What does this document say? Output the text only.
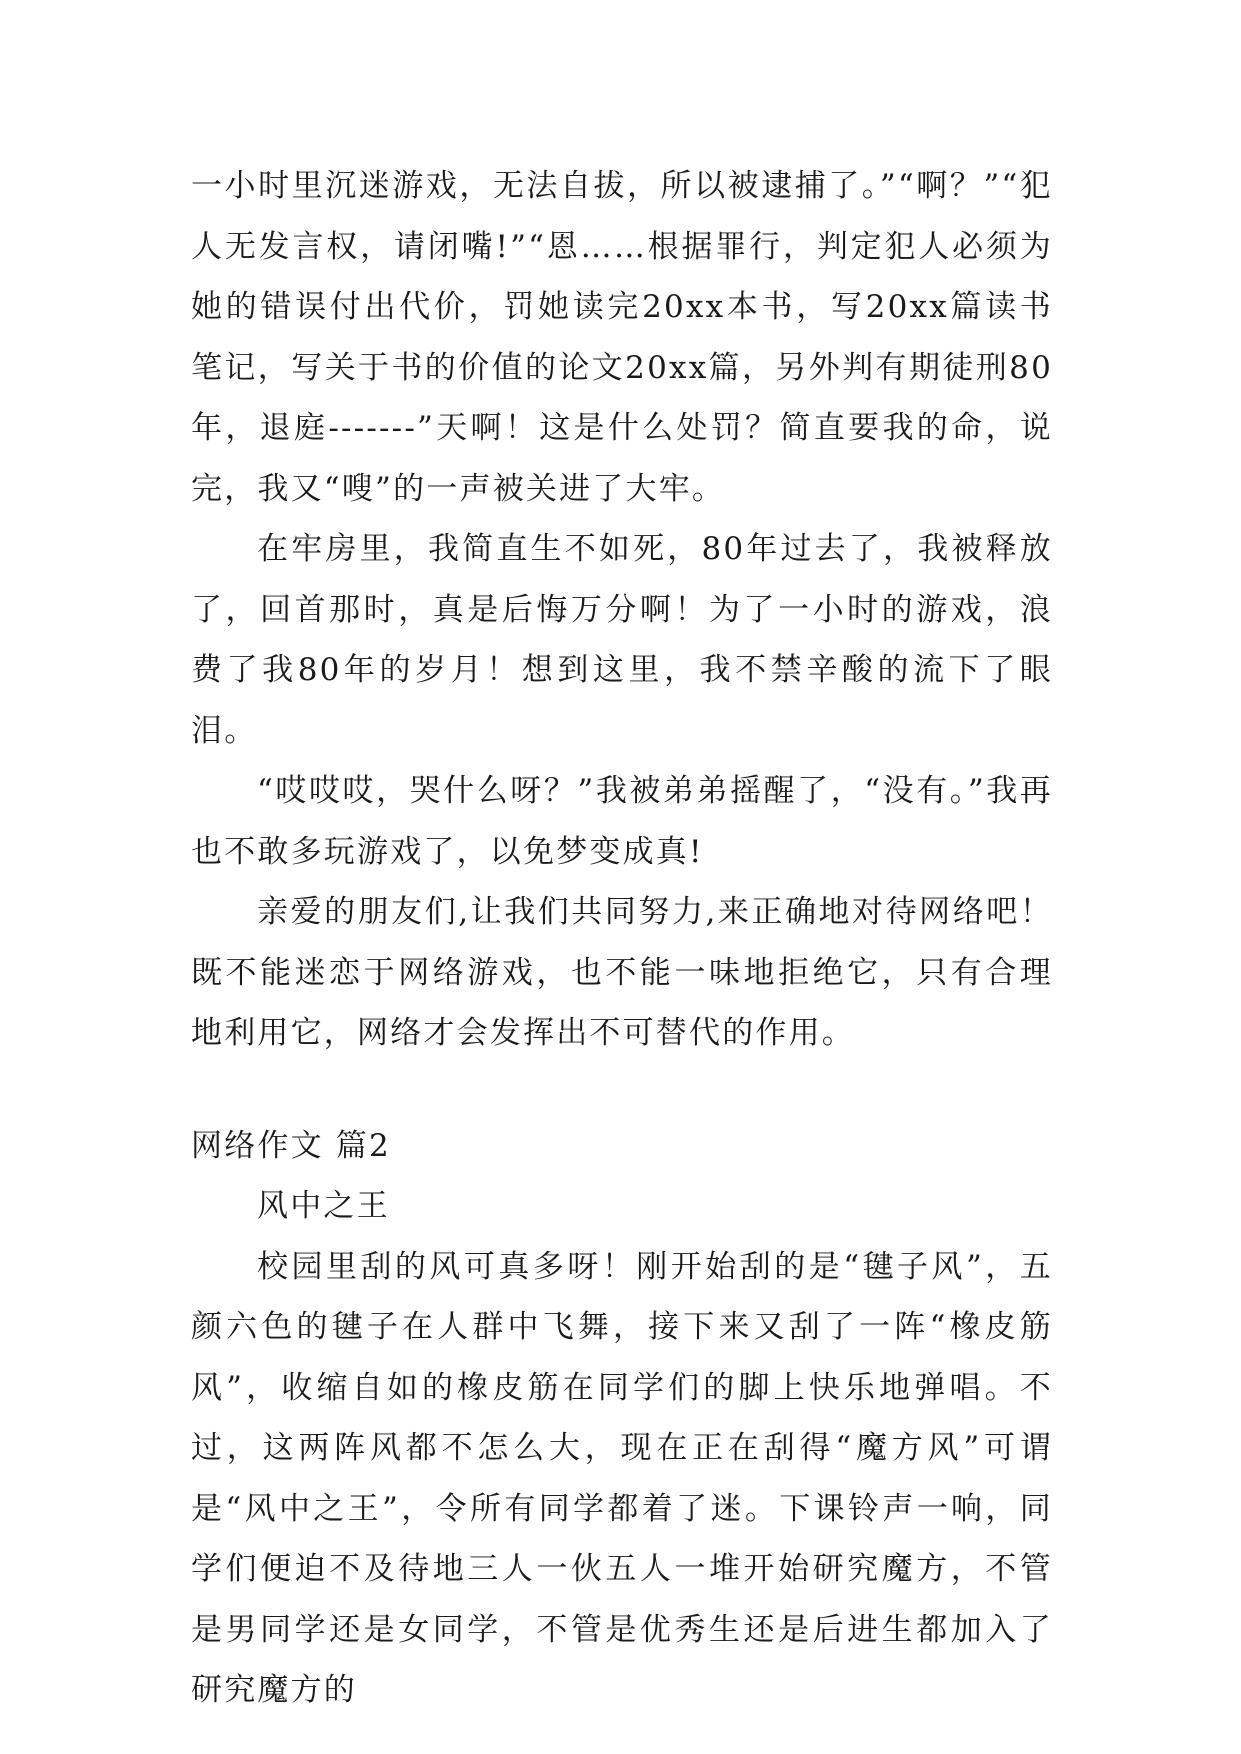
一小时里沉迷游戏，无法自拔，所以被逮捕了。”“啊？”“犯人无发言权，请闭嘴!”“恩……根据罪行，判定犯人必须为她的错误付出代价，罚她读完20xx本书，写20xx篇读书笔记，写关于书的价值的论文20xx篇，另外判有期徒刑80年，退庭-------”天啊！这是什么处罚？简直要我的命，说完，我又“嗖”的一声被关进了大牢。

在牢房里，我简直生不如死，80年过去了，我被释放了，回首那时，真是后悔万分啊！为了一小时的游戏，浪费了我80年的岁月！想到这里，我不禁辛酸的流下了眼泪。

“哎哎哎，哭什么呀？”我被弟弟摇醒了，“没有。”我再也不敢多玩游戏了，以免梦变成真!

亲爱的朋友们,让我们共同努力,来正确地对待网络吧！既不能迷恋于网络游戏，也不能一味地拒绝它，只有合理地利用它，网络才会发挥出不可替代的作用。

网络作文 篇2

风中之王

校园里刮的风可真多呀！刚开始刮的是“毽子风”，五颜六色的毽子在人群中飞舞，接下来又刮了一阵“橡皮筋风”，收缩自如的橡皮筋在同学们的脚上快乐地弹唱。不过，这两阵风都不怎么大，现在正在刮得“魔方风”可谓是“风中之王”，令所有同学都着了迷。下课铃声一响，同学们便迫不及待地三人一伙五人一堆开始研究魔方，不管是男同学还是女同学，不管是优秀生还是后进生都加入了研究魔方的
